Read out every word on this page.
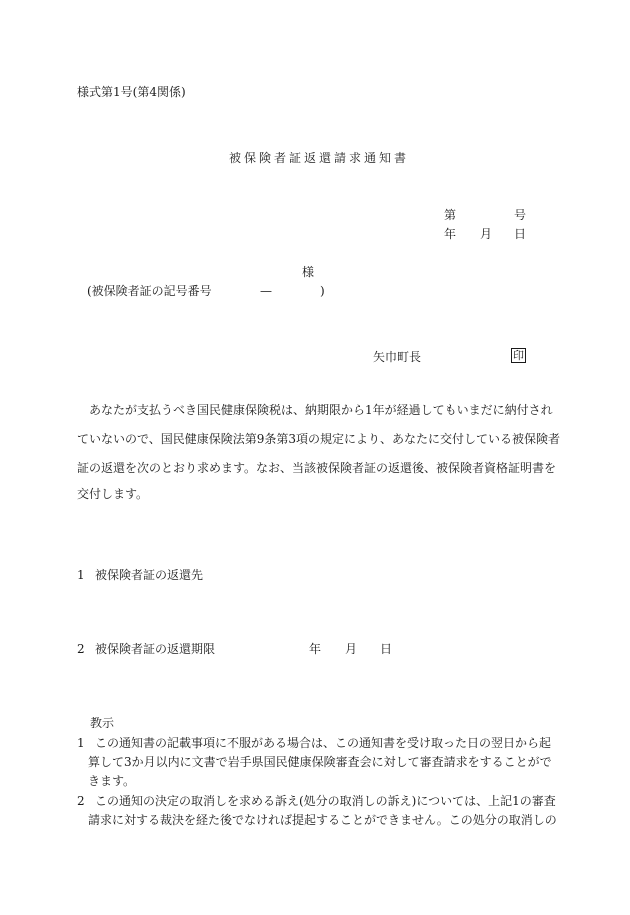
様式第1号(第4関係)
被保険者証返還請求通知書
第	号
年 月 日
様
(被保険者証の記号番号	—	)
矢巾町長	印
　あなたが支払うべき国民健康保険税は、納期限から1年が経過してもいまだに納付され
ていないので、国民健康保険法第9条第3項の規定により、あなたに交付している被保険者
証の返還を次のとおり求めます。なお、当該被保険者証の返還後、被保険者資格証明書を
交付します。
1 被保険者証の返還先
2 被保険者証の返還期限	年 月 日
教示
1 この通知書の記載事項に不服がある場合は、この通知書を受け取った日の翌日から起
算して3か月以内に文書で岩手県国民健康保険審査会に対して審査請求をすることがで
きます。
2 この通知の決定の取消しを求める訴え(処分の取消しの訴え)については、上記1の審査
請求に対する裁決を経た後でなければ提起することができません。この処分の取消しの
